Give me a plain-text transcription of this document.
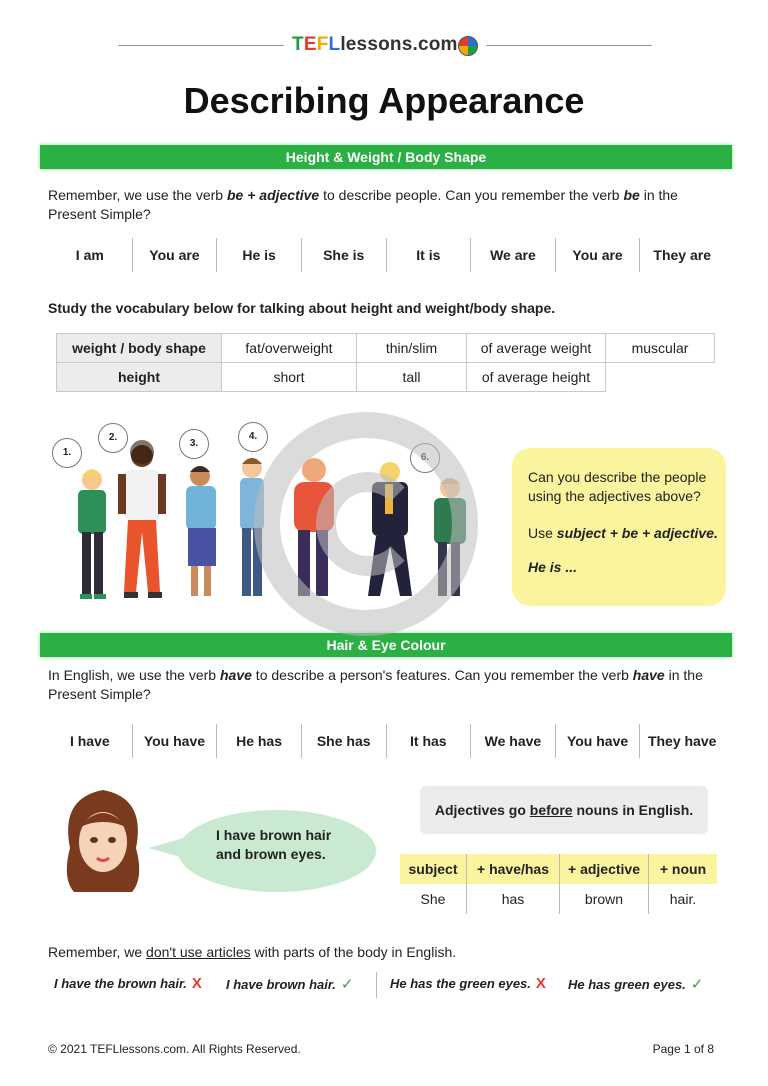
TEFLlessons.com
Describing Appearance
Height & Weight / Body Shape
Remember, we use the verb be + adjective to describe people. Can you remember the verb be in the Present Simple?
I am	You are	He is	She is	It is	We are	You are	They are
Study the vocabulary below for talking about height and weight/body shape.
weight / body shape	fat/overweight	thin/slim	of average weight	muscular
height	short	tall	of average height	
1.
2.
3.
4.
6.

Can you describe the people using the adjectives above?

Use subject + be + adjective.

He is ...

Hair & Eye Colour
In English, we use the verb have to describe a person's features. Can you remember the verb have in the Present Simple?
I have	You have	He has	She has	It has	We have	You have	They have
I have brown hair and brown eyes.
Adjectives go before nouns in English.
subject	+ have/has	+ adjective	+ noun
She	has	brown	hair.
Remember, we don't use articles with parts of the body in English.
I have the brown hair. X I have brown hair. ✓	He has the green eyes. X He has green eyes. ✓
© 2021 TEFLlessons.com. All Rights Reserved.	Page 1 of 8
